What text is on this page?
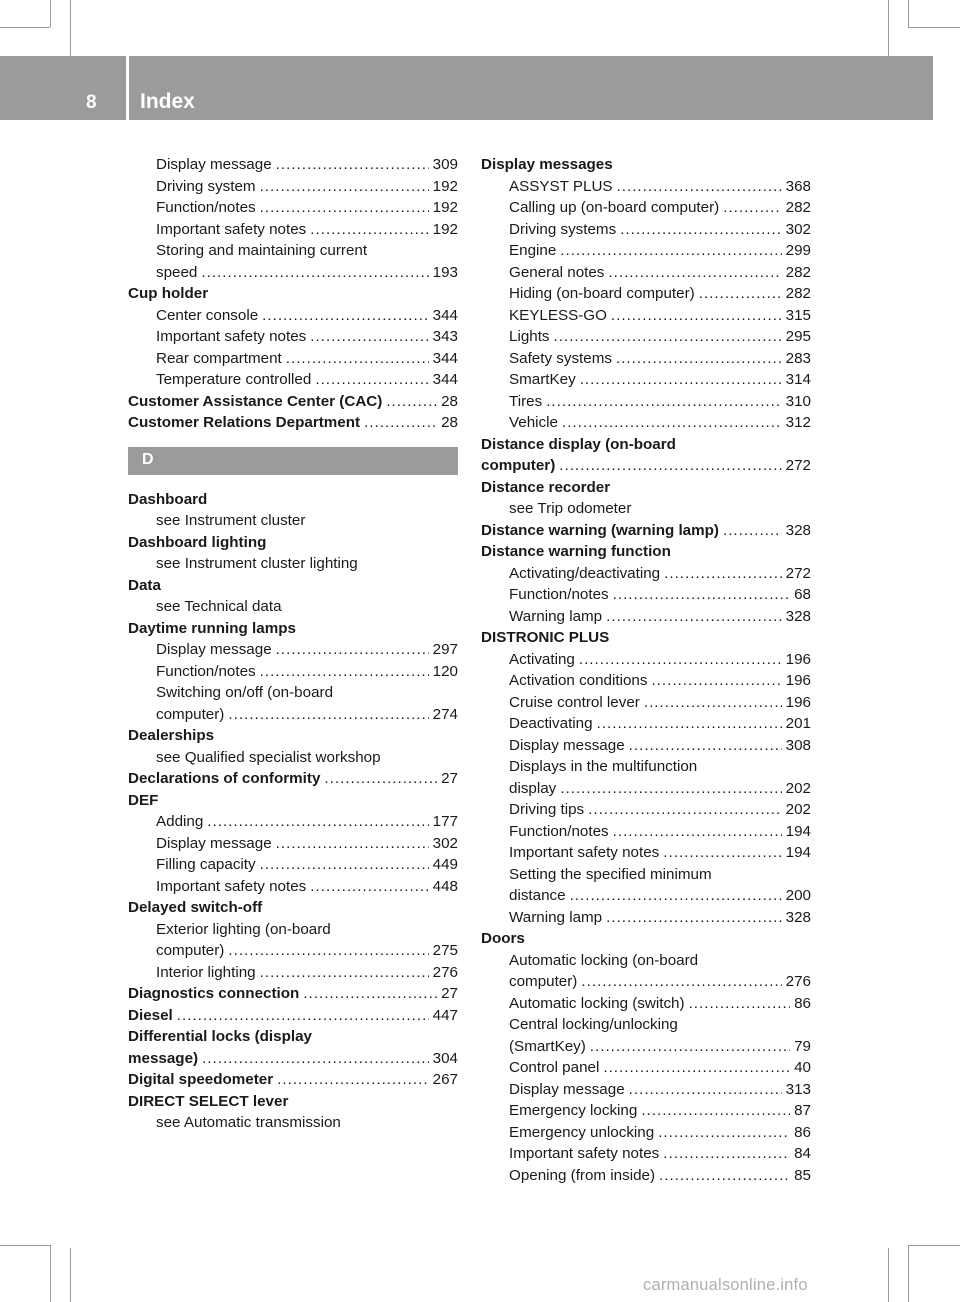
8 Index
Display message .....	309
Driving system .....	192
Function/notes .....	192
Important safety notes .....	192
Storing and maintaining current
speed .....	193
Cup holder
Center console .....	344
Important safety notes .....	343
Rear compartment .....	344
Temperature controlled .....	344
Customer Assistance Center (CAC) .....	28
Customer Relations Department .....	28
D
Dashboard
see Instrument cluster
Dashboard lighting
see Instrument cluster lighting
Data
see Technical data
Daytime running lamps
Display message .....	297
Function/notes .....	120
Switching on/off (on-board
computer) .....	274
Dealerships
see Qualified specialist workshop
Declarations of conformity .....	27
DEF
Adding .....	177
Display message .....	302
Filling capacity .....	449
Important safety notes .....	448
Delayed switch-off
Exterior lighting (on-board
computer) .....	275
Interior lighting .....	276
Diagnostics connection .....	27
Diesel .....	447
Differential locks (display
message) .....	304
Digital speedometer .....	267
DIRECT SELECT lever
see Automatic transmission
Display messages
ASSYST PLUS .....	368
Calling up (on-board computer) .....	282
Driving systems .....	302
Engine .....	299
General notes .....	282
Hiding (on-board computer) .....	282
KEYLESS-GO .....	315
Lights .....	295
Safety systems .....	283
SmartKey .....	314
Tires .....	310
Vehicle .....	312
Distance display (on-board
computer) .....	272
Distance recorder
see Trip odometer
Distance warning (warning lamp) .....	328
Distance warning function
Activating/deactivating .....	272
Function/notes .....	68
Warning lamp .....	328
DISTRONIC PLUS
Activating .....	196
Activation conditions .....	196
Cruise control lever .....	196
Deactivating .....	201
Display message .....	308
Displays in the multifunction
display .....	202
Driving tips .....	202
Function/notes .....	194
Important safety notes .....	194
Setting the specified minimum
distance .....	200
Warning lamp .....	328
Doors
Automatic locking (on-board
computer) .....	276
Automatic locking (switch) .....	86
Central locking/unlocking
(SmartKey) .....	79
Control panel .....	40
Display message .....	313
Emergency locking .....	87
Emergency unlocking .....	86
Important safety notes .....	84
Opening (from inside) .....	85
carmanualsonline.info
